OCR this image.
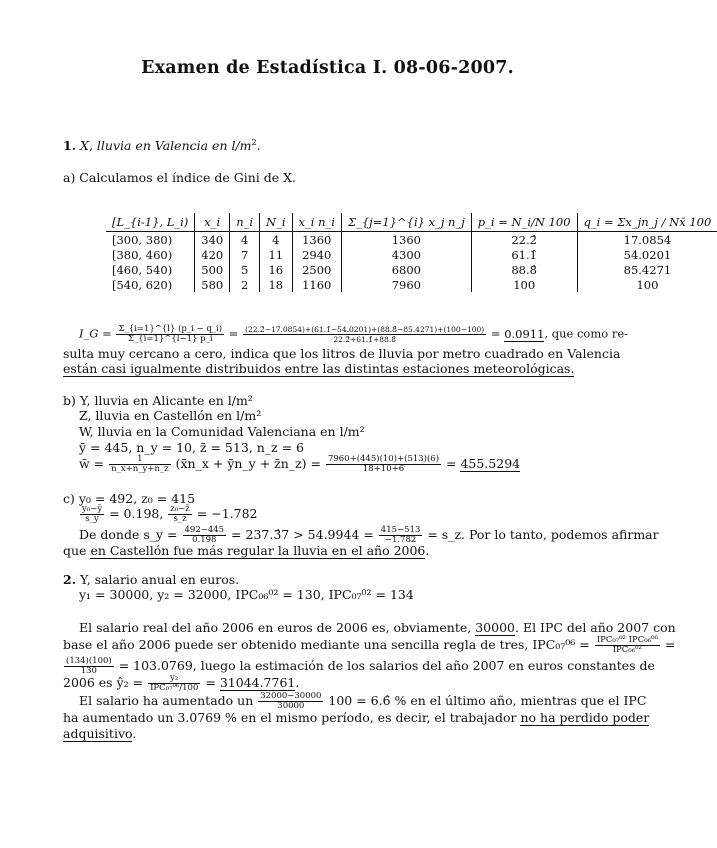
Examen de Estadística I. 08-06-2007.
1. X, lluvia en Valencia en $l/m^2$.
a) Calculamos el índice de Gini de X.
[L_{i-1}, L_i)	x_i	n_i	N_i	x_i n_i	Σ_{j=1}^{i} x_j n_j	p_i = N_i/N 100	q_i = Σx_jn_j / Nx̄ 100
[300, 380)	340	4	4	1360	1360	22.2̂	17.0854
[380, 460)	420	7	11	2940	4300	61.1̂	54.0201
[460, 540)	500	5	16	2500	6800	88.8̂	85.4271
[540, 620)	580	2	18	1160	7960	100	100
I_G = $\frac{\Sigma\_\{i=1\}\^{}\{l\} (p\_i - q\_i)}{\Sigma\_\{i=1\}\^{}\{l-1\} p\_i} = \frac{(22.2̂-17.0854)+(61.1̂-54.0201)+(88.8̂-85.4271)+(100-100)}{22.2̂+61.1̂+88.8̂} = 0.0911$, que como re-
sulta muy cercano a cero, indica que los litros de lluvia por metro cuadrado en Valencia
están casi igualmente distribuidos entre las distintas estaciones meteorológicas.
b) Y, lluvia en Alicante en l/m²
Z, lluvia en Castellón en l/m²
W, lluvia en la Comunidad Valenciana en l/m²
ȳ = 445, n_y = 10, z̄ = 513, n_z = 6
w̄ = $\frac{1}{n\_x+n\_y+n\_z}$ (x̄n_x + ȳn_y + z̄n_z) = $\frac{7960+(445)(10)+(513)(6)}{18+10+6} = 455.5294$
c) y₀ = 492, z₀ = 415
$\frac{\text{y₀−ȳ}}{s\_y} = 0.198$, $\frac{\text{z₀−z̄}}{s\_z} = -1.782$
De donde s_y = $\frac{492-445}{0.198}$ = 237.3̂7 > $54.9944 = \frac{415-513}{-1.782}$ = s_z. Por lo tanto, podemos afirmar
que en Castellón fue más regular la lluvia en el año 2006.
2. Y, salario anual en euros.
y₁ = 30000, y₂ = 32000, IPC₀₆⁰² = 130, IPC₀₇⁰² = 134
El salario real del año 2006 en euros de 2006 es, obviamente, 30000. El IPC del año 2007 con
base el año 2006 puede ser obtenido mediante una sencilla regla de tres, $IPC_{07}^{06} = \frac{\text{IPC₀₇⁰² IPC₀₆⁰⁶}}{\text{IPC₀₆⁰²}}$ =
$\frac{(134)(100)}{130} = 103.0769$, luego la estimación de los salarios del año 2007 en euros constantes de
2006 es ŷ₂ = $\frac{\text{y₂}}{\text{IPC₀₇⁰⁶/100}} = 31044.7761$.
El salario ha aumentado un $\frac{32000-30000}{30000} 100$ = 6.6̂ % en el último año, mientras que el IPC
ha aumentado un 3.0769 % en el mismo período, es decir, el trabajador no ha perdido poder
adquisitivo.
